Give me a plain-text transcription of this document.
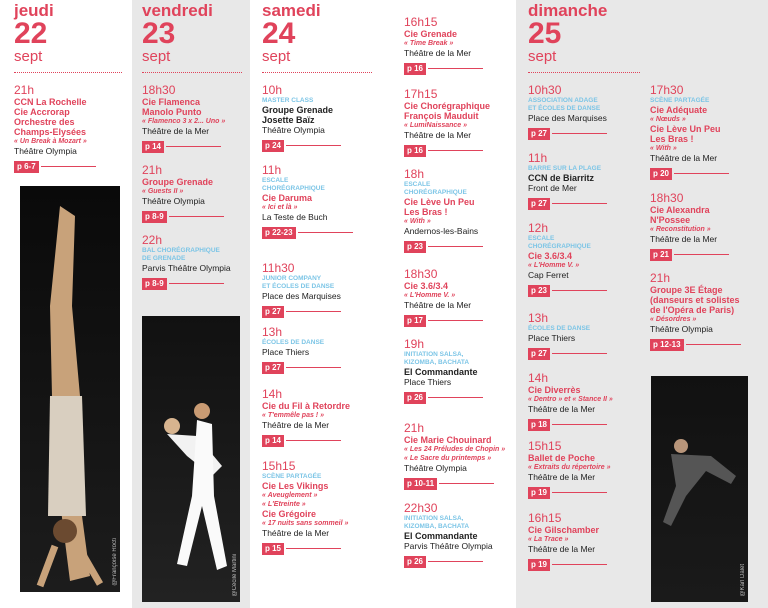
jeudi
22
sept
21h
CCN La Rochelle
Cie Accrorap
Orchestre des
Champs-Elysées
« Un Break à Mozart »
Théâtre Olympia
p 6-7
@Françoise Rocti
vendredi
23
sept
18h30
Cie Flamenca
Manolo Punto
« Flamenco 3 x 2... Uno »
Théâtre de la Mer
p 14
21h
Groupe Grenade
« Guests II »
Théâtre Olympia
p 8-9
22h
BAL CHORÉGRAPHIQUE
DE GRENADE
Parvis Théâtre Olympia
p 8-9
@Cécile Martini
samedi
24
sept
10h
MASTER CLASS
Groupe Grenade
Josette Baïz
Théâtre Olympia
p 24
11h
ESCALE
CHORÉGRAPHIQUE
Cie Daruma
« Ici et là »
La Teste de Buch
p 22-23
11h30
JUNIOR COMPANY
ET ÉCOLES DE DANSE
Place des Marquises
p 27
13h
ÉCOLES DE DANSE
Place Thiers
p 27
14h
Cie du Fil à Retordre
« T'emmêle pas ! »
Théâtre de la Mer
p 14
15h15
SCÈNE PARTAGÉE
Cie Les Vikings
« Aveuglement »
« L'Etreinte »
Cie Grégoire
« 17 nuits sans sommeil »
Théâtre de la Mer
p 15
16h15
Cie Grenade
« Time Break »
Théâtre de la Mer
p 16
17h15
Cie Chorégraphique
François Mauduit
« LumiNaissance »
Théâtre de la Mer
p 16
18h
ESCALE
CHORÉGRAPHIQUE
Cie Lève Un Peu
Les Bras !
« With »
Andernos-les-Bains
p 23
18h30
Cie 3.6/3.4
« L'Homme V. »
Théâtre de la Mer
p 17
19h
INITIATION SALSA,
KIZOMBA, BACHATA
El Commandante
Place Thiers
p 26
21h
Cie Marie Chouinard
« Les 24 Préludes de Chopin »
« Le Sacre du printemps »
Théâtre Olympia
p 10-11
22h30
INITIATION SALSA,
KIZOMBA, BACHATA
El Commandante
Parvis Théâtre Olympia
p 26
dimanche
25
sept
10h30
ASSOCIATION ADAGE
ET ÉCOLES DE DANSE
Place des Marquises
p 27
11h
BARRE SUR LA PLAGE
CCN de Biarritz
Front de Mer
p 27
12h
ESCALE
CHORÉGRAPHIQUE
Cie 3.6/3.4
« L'Homme V. »
Cap Ferret
p 23
13h
ÉCOLES DE DANSE
Place Thiers
p 27
14h
Cie Diverrès
« Dentro » et « Stance II »
Théâtre de la Mer
p 18
15h15
Ballet de Poche
« Extraits du répertoire »
Théâtre de la Mer
p 19
16h15
Cie Gilschamber
« La Trace »
Théâtre de la Mer
p 19
17h30
SCÈNE PARTAGÉE
Cie Adéquate
« Nœuds »
Cie Lève Un Peu
Les Bras !
« With »
Théâtre de la Mer
p 20
18h30
Cie Alexandra
N'Possee
« Reconstitution »
Théâtre de la Mer
p 21
21h
Groupe 3E Étage
(danseurs et solistes
de l'Opéra de Paris)
« Désordres »
Théâtre Olympia
p 12-13
@Karl Dalet
